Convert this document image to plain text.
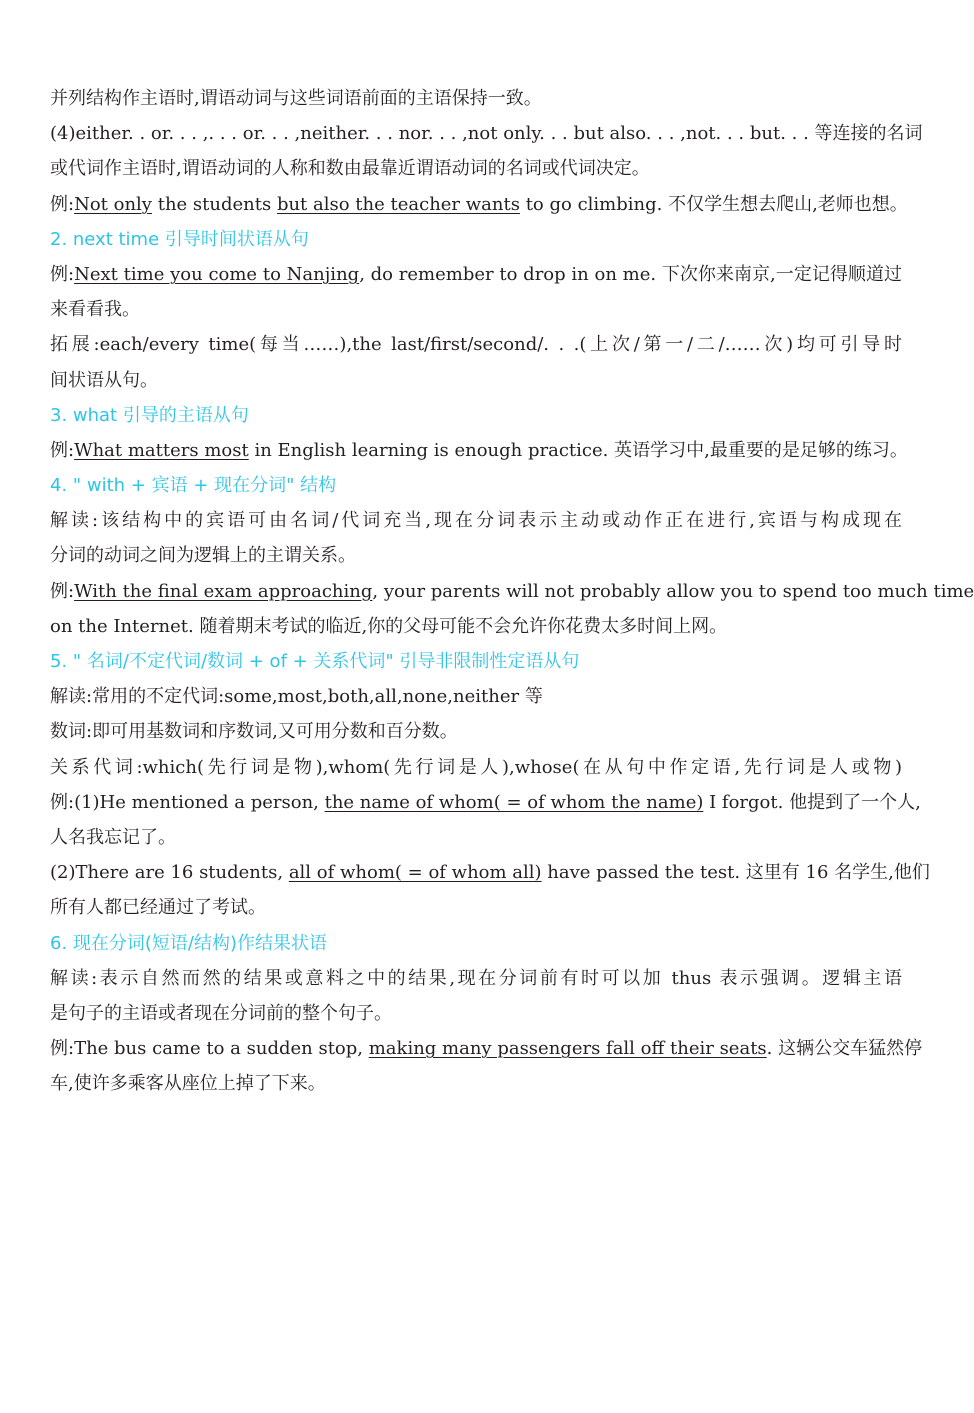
并列结构作主语时,谓语动词与这些词语前面的主语保持一致。
(4)either. . or. . . ,. . . or. . . ,neither. . . nor. . . ,not only. . . but also. . . ,not. . . but. . . 等连接的名词
或代词作主语时,谓语动词的人称和数由最靠近谓语动词的名词或代词决定。
例:Not only the students but also the teacher wants to go climbing. 不仅学生想去爬山,老师也想。
2. next time 引导时间状语从句
例:Next time you come to Nanjing, do remember to drop in on me. 下次你来南京,一定记得顺道过
来看看我。
拓展:each/every time(每当……),the last/first/second/. . .(上次/第一/二/……次)均可引导时
间状语从句。
3. what 引导的主语从句
例:What matters most in English learning is enough practice. 英语学习中,最重要的是足够的练习。
4. " with + 宾语 + 现在分词" 结构
解读:该结构中的宾语可由名词/代词充当,现在分词表示主动或动作正在进行,宾语与构成现在
分词的动词之间为逻辑上的主谓关系。
例:With the final exam approaching, your parents will not probably allow you to spend too much time
on the Internet. 随着期末考试的临近,你的父母可能不会允许你花费太多时间上网。
5. " 名词/不定代词/数词 + of + 关系代词" 引导非限制性定语从句
解读:常用的不定代词:some,most,both,all,none,neither 等
数词:即可用基数词和序数词,又可用分数和百分数。
关系代词:which(先行词是物),whom(先行词是人),whose(在从句中作定语,先行词是人或物)
例:(1)He mentioned a person, the name of whom( = of whom the name) I forgot. 他提到了一个人,
人名我忘记了。
(2)There are 16 students, all of whom( = of whom all) have passed the test. 这里有 16 名学生,他们
所有人都已经通过了考试。
6. 现在分词(短语/结构)作结果状语
解读:表示自然而然的结果或意料之中的结果,现在分词前有时可以加 thus 表示强调。逻辑主语
是句子的主语或者现在分词前的整个句子。
例:The bus came to a sudden stop, making many passengers fall off their seats. 这辆公交车猛然停
车,使许多乘客从座位上掉了下来。
